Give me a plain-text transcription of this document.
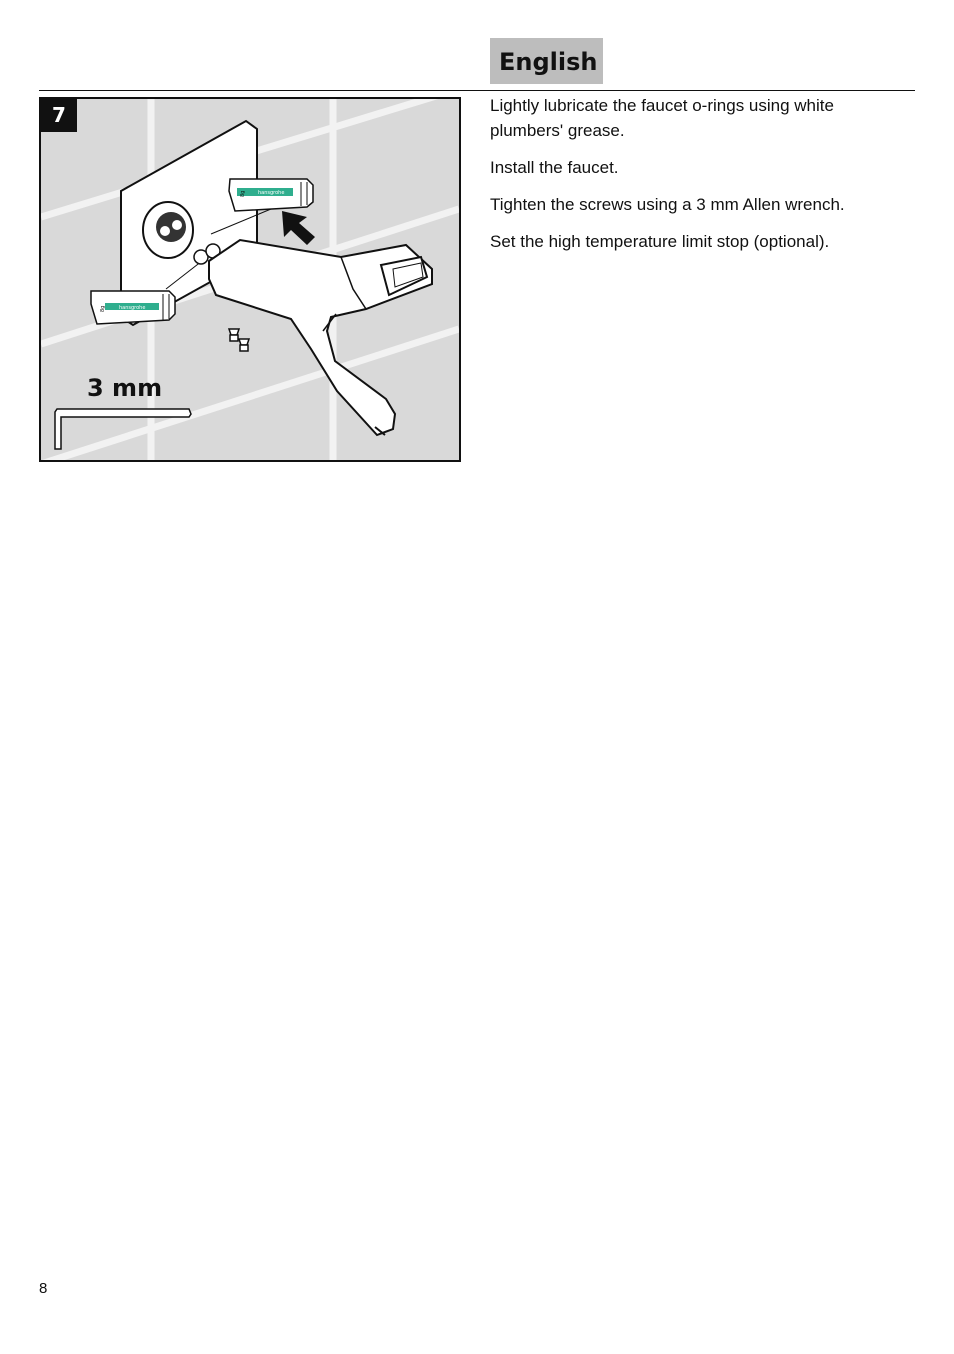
English
hansgrohe
8g
hansgrohe
8g
7
3 mm

Lightly lubricate the faucet o-rings using white plumbers' grease.

Install the faucet.

Tighten the screws using a 3 mm Allen wrench.

Set the high temperature limit stop (optional).

8
